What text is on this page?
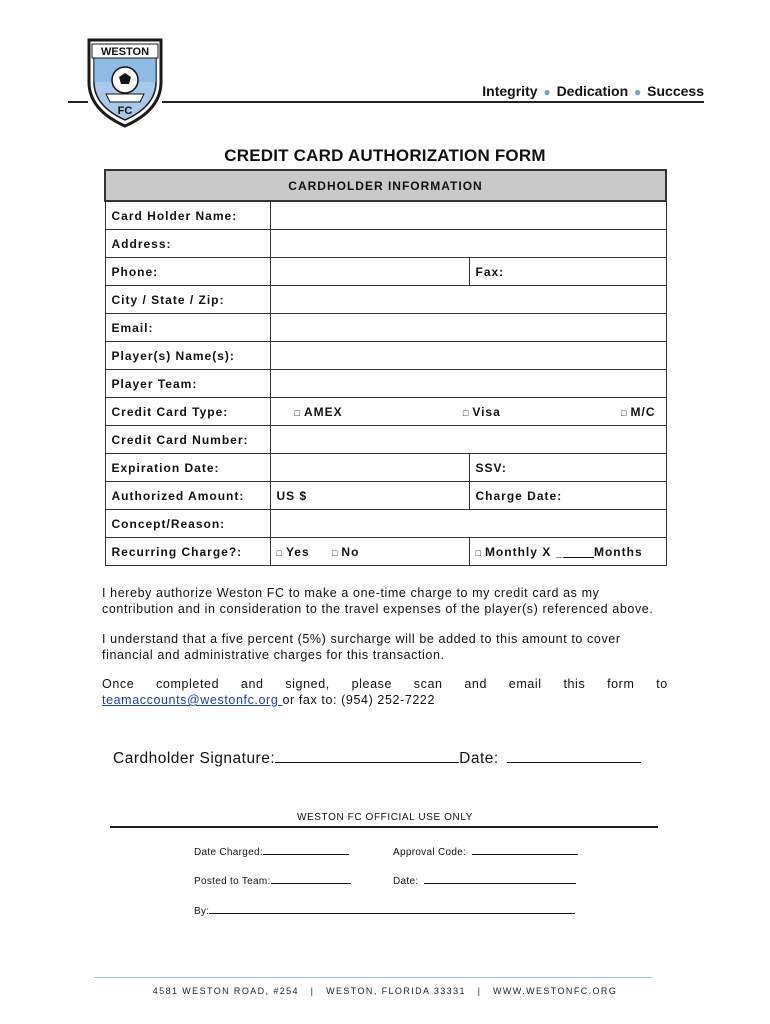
WESTON
FC
Integrity ● Dedication ● Success
CREDIT CARD AUTHORIZATION FORM
CARDHOLDER INFORMATION		
Card Holder Name:		
Address:		
Phone:		Fax:
City / State / Zip:		
Email:		
Player(s) Name(s):		
Player Team:		
Credit Card Type:	□ AMEX □ Visa □ M/C	

Credit Card Number:		
Expiration Date:		SSV:
Authorized Amount:	US $	Charge Date:
Concept/Reason:		
Recurring Charge?:	□ Yes □ No	□ Monthly X _____Months
I hereby authorize Weston FC to make a one-time charge to my credit card as my contribution and in consideration to the travel expenses of the player(s) referenced above.
I understand that a five percent (5%) surcharge will be added to this amount to cover financial and administrative charges for this transaction.
Once completed and signed, please scan and email this form to
teamaccounts@westonfc.org or fax to: (954) 252-7222
Cardholder Signature:	Date:
WESTON FC OFFICIAL USE ONLY
Date Charged:	Approval Code:
Posted to Team:	Date:
By:
4581 WESTON ROAD, #254   |   WESTON, FLORIDA 33331   |   WWW.WESTONFC.ORG
